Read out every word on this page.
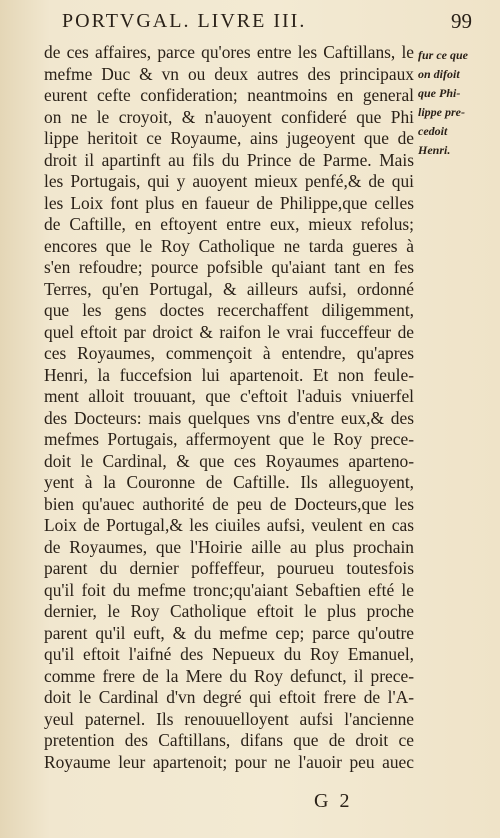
PORTVGAL. LIVRE III.	99
de ces affaires, parce qu'ores entre les Caftillans, le
mefme Duc & vn ou deux autres des principaux
eurent cefte confideration; neantmoins en general
on ne le croyoit, & n'auoyent confideré que Phi
lippe heritoit ce Royaume, ains jugeoyent que de
droit il apartinft au fils du Prince de Parme. Mais
les Portugais, qui y auoyent mieux penfé,& de qui
les Loix font plus en faueur de Philippe,que celles
de Caftille, en eftoyent entre eux, mieux refolus;
encores que le Roy Catholique ne tarda gueres à
s'en refoudre; pource pofsible qu'aiant tant en fes
Terres, qu'en Portugal, & ailleurs aufsi, ordonné
que les gens doctes recerchaffent diligemment,
quel eftoit par droict & raifon le vrai fucceffeur de
ces Royaumes, commençoit à entendre, qu'apres
Henri, la fuccefsion lui apartenoit. Et non feule-
ment alloit trouuant, que c'eftoit l'aduis vniuerfel
des Docteurs: mais quelques vns d'entre eux,& des
mefmes Portugais, affermoyent que le Roy prece-
doit le Cardinal, & que ces Royaumes aparteno-
yent à la Couronne de Caftille. Ils alleguoyent,
bien qu'auec authorité de peu de Docteurs,que les
Loix de Portugal,& les ciuiles aufsi, veulent en cas
de Royaumes, que l'Hoirie aille au plus prochain
parent du dernier poffeffeur, pourueu toutesfois
qu'il foit du mefme tronc;qu'aiant Sebaftien efté le
dernier, le Roy Catholique eftoit le plus proche
parent qu'il euft, & du mefme cep; parce qu'outre
qu'il eftoit l'aifné des Nepueux du Roy Emanuel,
comme frere de la Mere du Roy defunct, il prece-
doit le Cardinal d'vn degré qui eftoit frere de l'A-
yeul paternel. Ils renouuelloyent aufsi l'ancienne
pretention des Caftillans, difans que de droit ce
Royaume leur apartenoit; pour ne l'auoir peu auec
fur ce que
on difoit
que Phi-
lippe pre-
cedoit
Henri.
G 2
